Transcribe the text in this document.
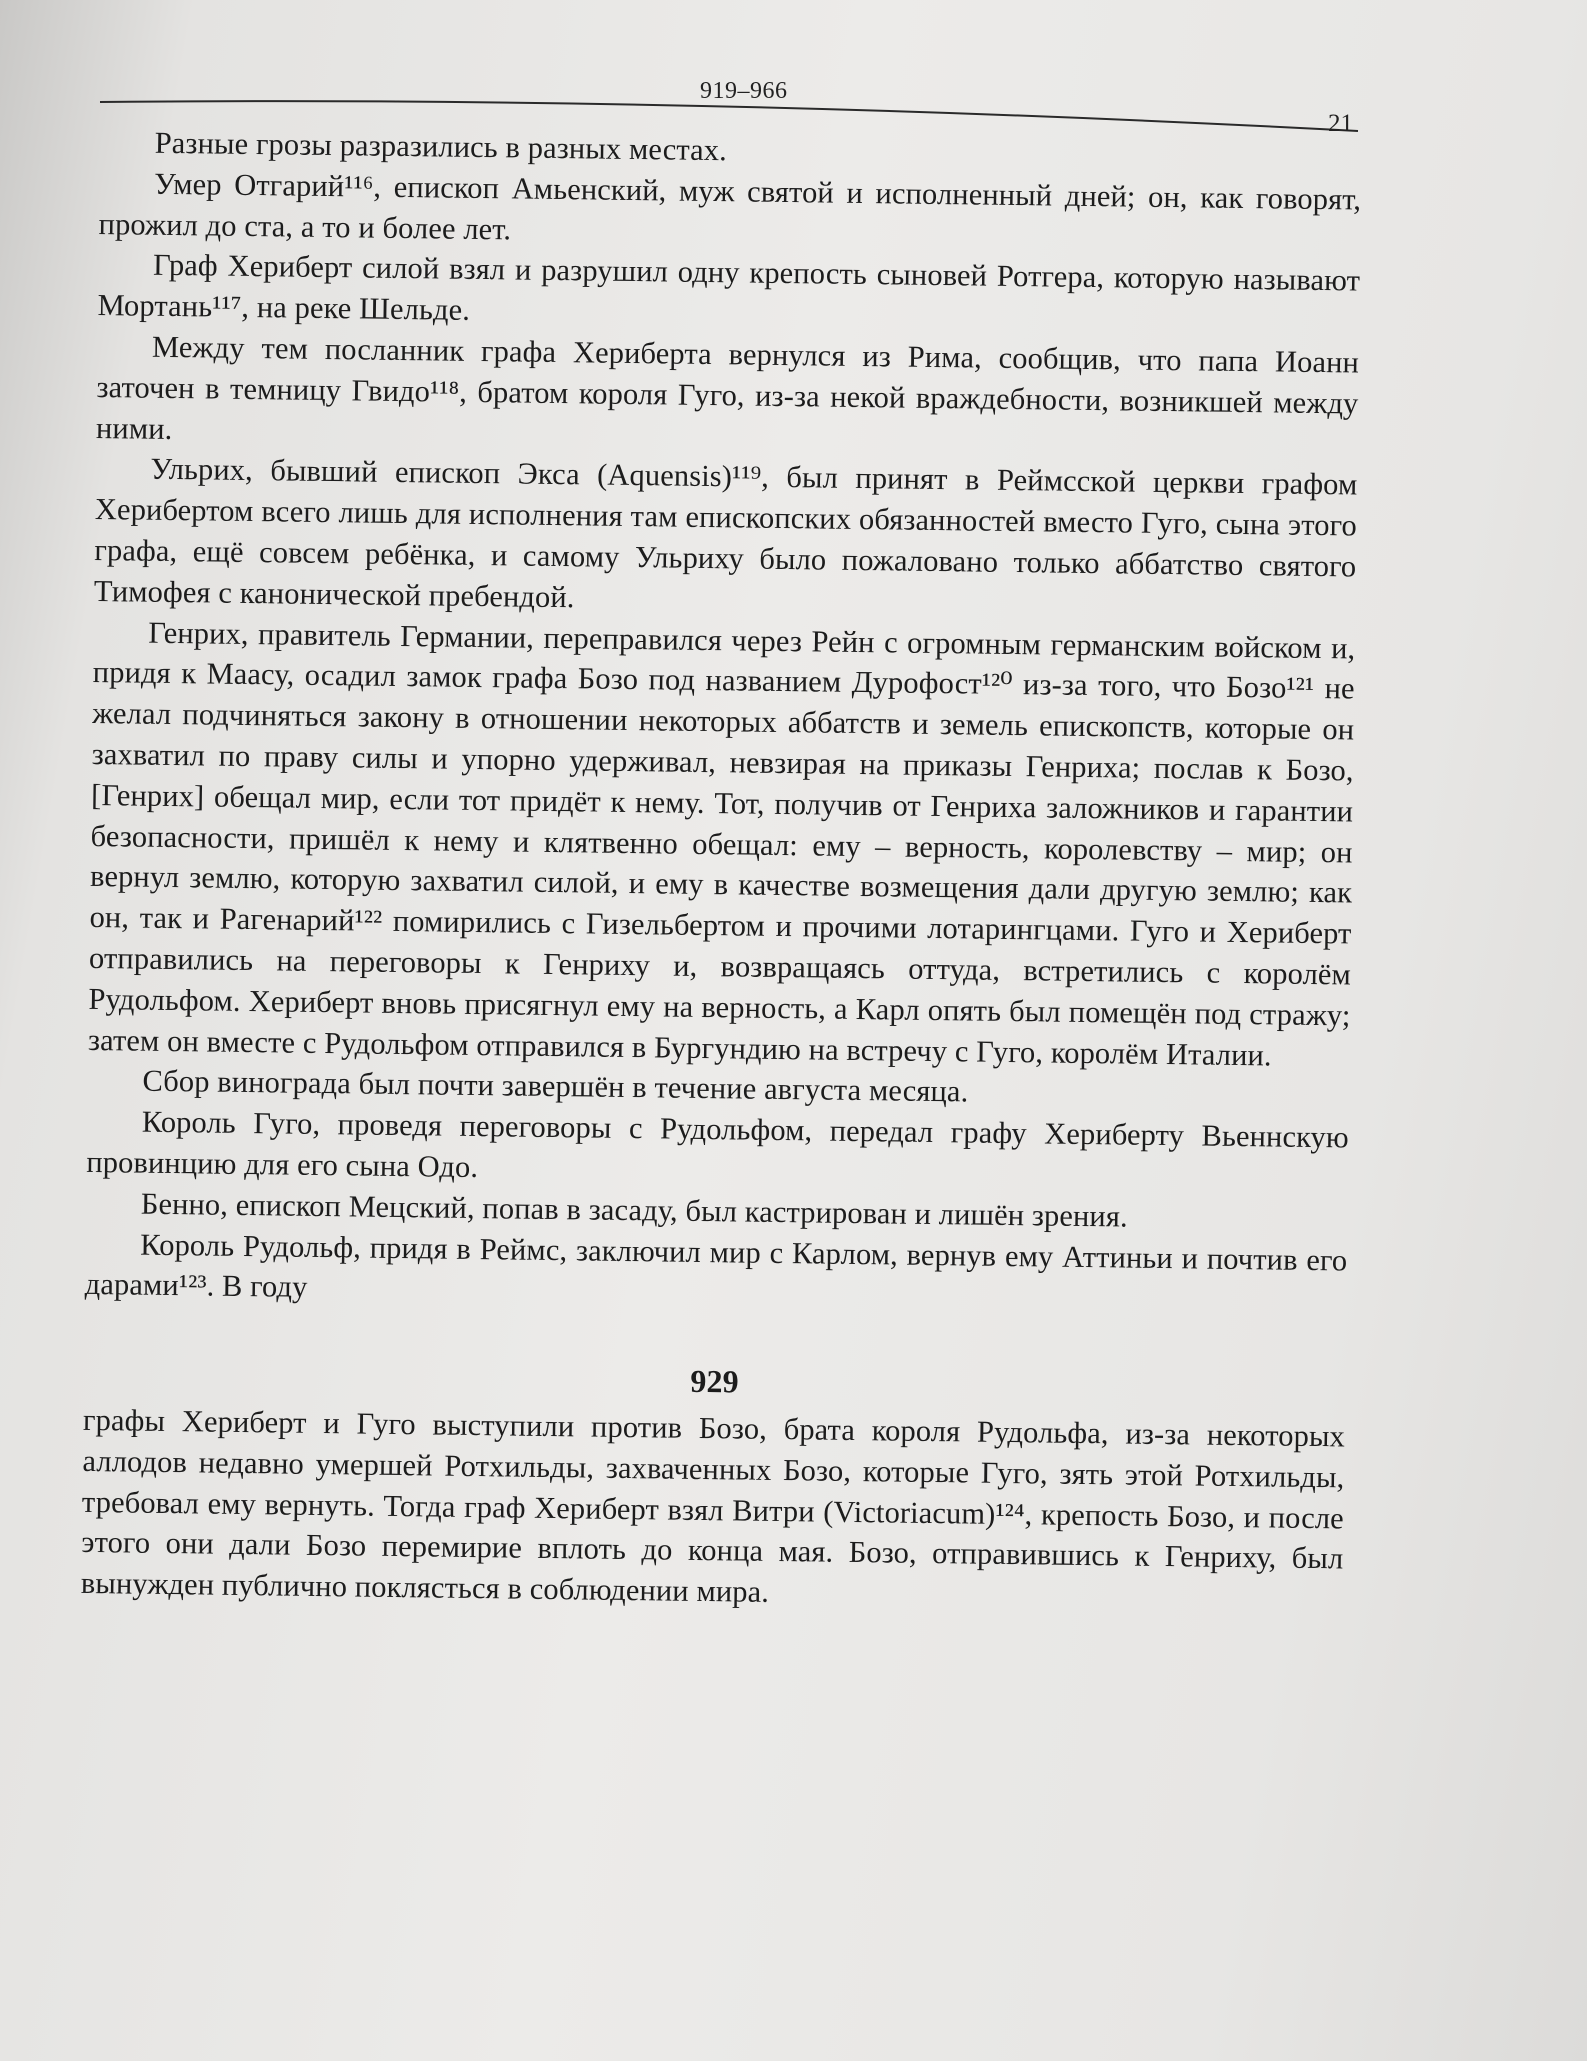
919–966
21

Разные грозы разразились в разных местах.

Умер Отгарий¹¹⁶, епископ Амьенский, муж святой и исполненный дней; он, как говорят, прожил до ста, а то и более лет.

Граф Хериберт силой взял и разрушил одну крепость сыновей Ротгера, которую называют Мортань¹¹⁷, на реке Шельде.

Между тем посланник графа Хериберта вернулся из Рима, сообщив, что папа Иоанн заточен в темницу Гвидо¹¹⁸, братом короля Гуго, из-за некой враждебности, возникшей между ними.

Ульрих, бывший епископ Экса (Aquensis)¹¹⁹, был принят в Реймсской церкви графом Херибертом всего лишь для исполнения там епископских обязанностей вместо Гуго, сына этого графа, ещё совсем ребёнка, и самому Ульриху было пожаловано только аббатство святого Тимофея с канонической пребендой.

Генрих, правитель Германии, переправился через Рейн с огромным германским войском и, придя к Маасу, осадил замок графа Бозо под названием Дурофост¹²⁰ из-за того, что Бозо¹²¹ не желал подчиняться закону в отношении некоторых аббатств и земель епископств, которые он захватил по праву силы и упорно удерживал, невзирая на приказы Генриха; послав к Бозо, [Генрих] обещал мир, если тот придёт к нему. Тот, получив от Генриха заложников и гарантии безопасности, пришёл к нему и клятвенно обещал: ему – верность, королевству – мир; он вернул землю, которую захватил силой, и ему в качестве возмещения дали другую землю; как он, так и Рагенарий¹²² помирились с Гизельбертом и прочими лотарингцами. Гуго и Хериберт отправились на переговоры к Генриху и, возвращаясь оттуда, встретились с королём Рудольфом. Хериберт вновь присягнул ему на верность, а Карл опять был помещён под стражу; затем он вместе с Рудольфом отправился в Бургундию на встречу с Гуго, королём Италии.

Сбор винограда был почти завершён в течение августа месяца.

Король Гуго, проведя переговоры с Рудольфом, передал графу Хериберту Вьеннскую провинцию для его сына Одо.

Бенно, епископ Мецский, попав в засаду, был кастрирован и лишён зрения.

Король Рудольф, придя в Реймс, заключил мир с Карлом, вернув ему Аттиньи и почтив его дарами¹²³. В году

929

графы Хериберт и Гуго выступили против Бозо, брата короля Рудольфа, из-за некоторых аллодов недавно умершей Ротхильды, захваченных Бозо, которые Гуго, зять этой Ротхильды, требовал ему вернуть. Тогда граф Хериберт взял Витри (Victoriacum)¹²⁴, крепость Бозо, и после этого они дали Бозо перемирие вплоть до конца мая. Бозо, отправившись к Генриху, был вынужден публично поклясться в соблюдении мира.
